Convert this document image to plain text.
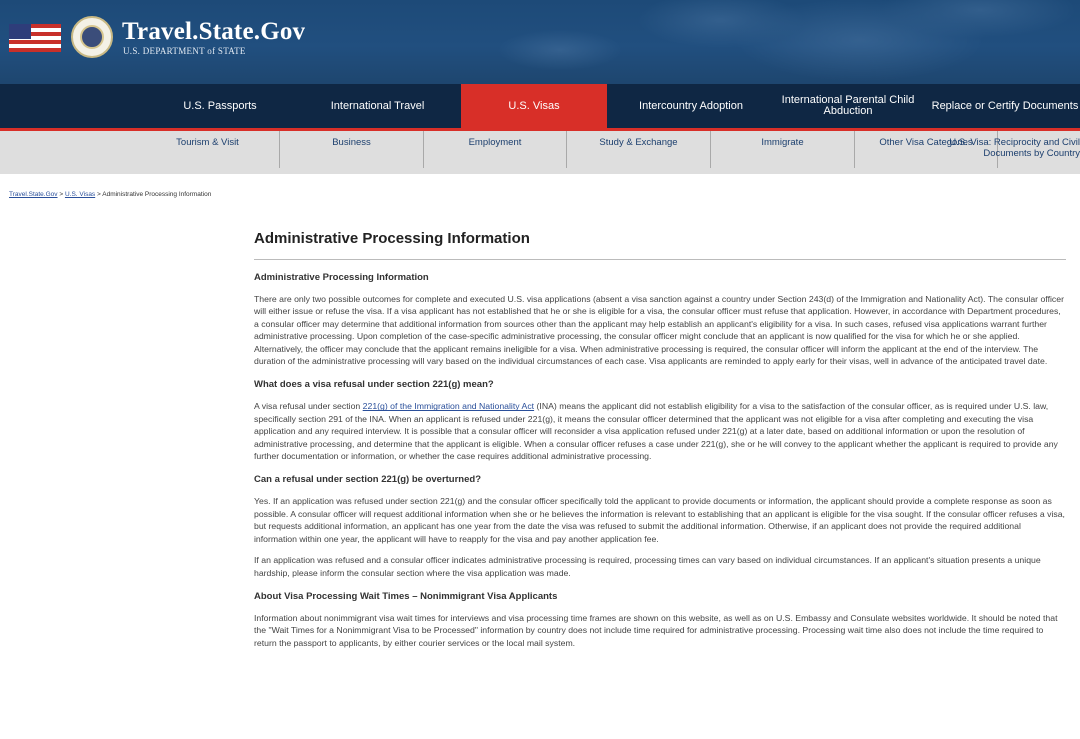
Travel.State.Gov
U.S. DEPARTMENT of STATE
U.S. Passports	International Travel	U.S. Visas	Intercountry Adoption	International Parental Child Abduction	Replace or Certify Documents
Tourism & Visit	Business	Employment	Study & Exchange	Immigrate	Other Visa Categories
U.S. Visa: Reciprocity and Civil Documents by Country
Travel.State.Gov > U.S. Visas > Administrative Processing Information
Administrative Processing Information
Administrative Processing Information

There are only two possible outcomes for complete and executed U.S. visa applications (absent a visa sanction against a country under Section 243(d) of the Immigration and Nationality Act). The consular officer will either issue or refuse the visa. If a visa applicant has not established that he or she is eligible for a visa, the consular officer must refuse that application. However, in accordance with Department procedures, a consular officer may determine that additional information from sources other than the applicant may help establish an applicant's eligibility for a visa. In such cases, refused visa applications warrant further administrative processing. Upon completion of the case-specific administrative processing, the consular officer might conclude that an applicant is now qualified for the visa for which he or she applied. Alternatively, the officer may conclude that the applicant remains ineligible for a visa. When administrative processing is required, the consular officer will inform the applicant at the end of the interview. The duration of the administrative processing will vary based on the individual circumstances of each case. Visa applicants are reminded to apply early for their visas, well in advance of the anticipated travel date.

What does a visa refusal under section 221(g) mean?

A visa refusal under section 221(g) of the Immigration and Nationality Act (INA) means the applicant did not establish eligibility for a visa to the satisfaction of the consular officer, as is required under U.S. law, specifically section 291 of the INA. When an applicant is refused under 221(g), it means the consular officer determined that the applicant was not eligible for a visa after completing and executing the visa application and any required interview. It is possible that a consular officer will reconsider a visa application refused under 221(g) at a later date, based on additional information or upon the resolution of administrative processing, and determine that the applicant is eligible. When a consular officer refuses a case under 221(g), she or he will convey to the applicant whether the applicant is required to provide any further documentation or information, or whether the case requires additional administrative processing.

Can a refusal under section 221(g) be overturned?

Yes. If an application was refused under section 221(g) and the consular officer specifically told the applicant to provide documents or information, the applicant should provide a complete response as soon as possible. A consular officer will request additional information when she or he believes the information is relevant to establishing that an applicant is eligible for the visa sought. If the consular officer refuses a visa, but requests additional information, an applicant has one year from the date the visa was refused to submit the additional information. Otherwise, if an applicant does not provide the required additional information within one year, the applicant will have to reapply for the visa and pay another application fee.

If an application was refused and a consular officer indicates administrative processing is required, processing times can vary based on individual circumstances. If an applicant's situation presents a unique hardship, please inform the consular section where the visa application was made.

About Visa Processing Wait Times – Nonimmigrant Visa Applicants

Information about nonimmigrant visa wait times for interviews and visa processing time frames are shown on this website, as well as on U.S. Embassy and Consulate websites worldwide. It should be noted that the "Wait Times for a Nonimmigrant Visa to be Processed" information by country does not include time required for administrative processing. Processing wait time also does not include the time required to return the passport to applicants, by either courier services or the local mail system.
